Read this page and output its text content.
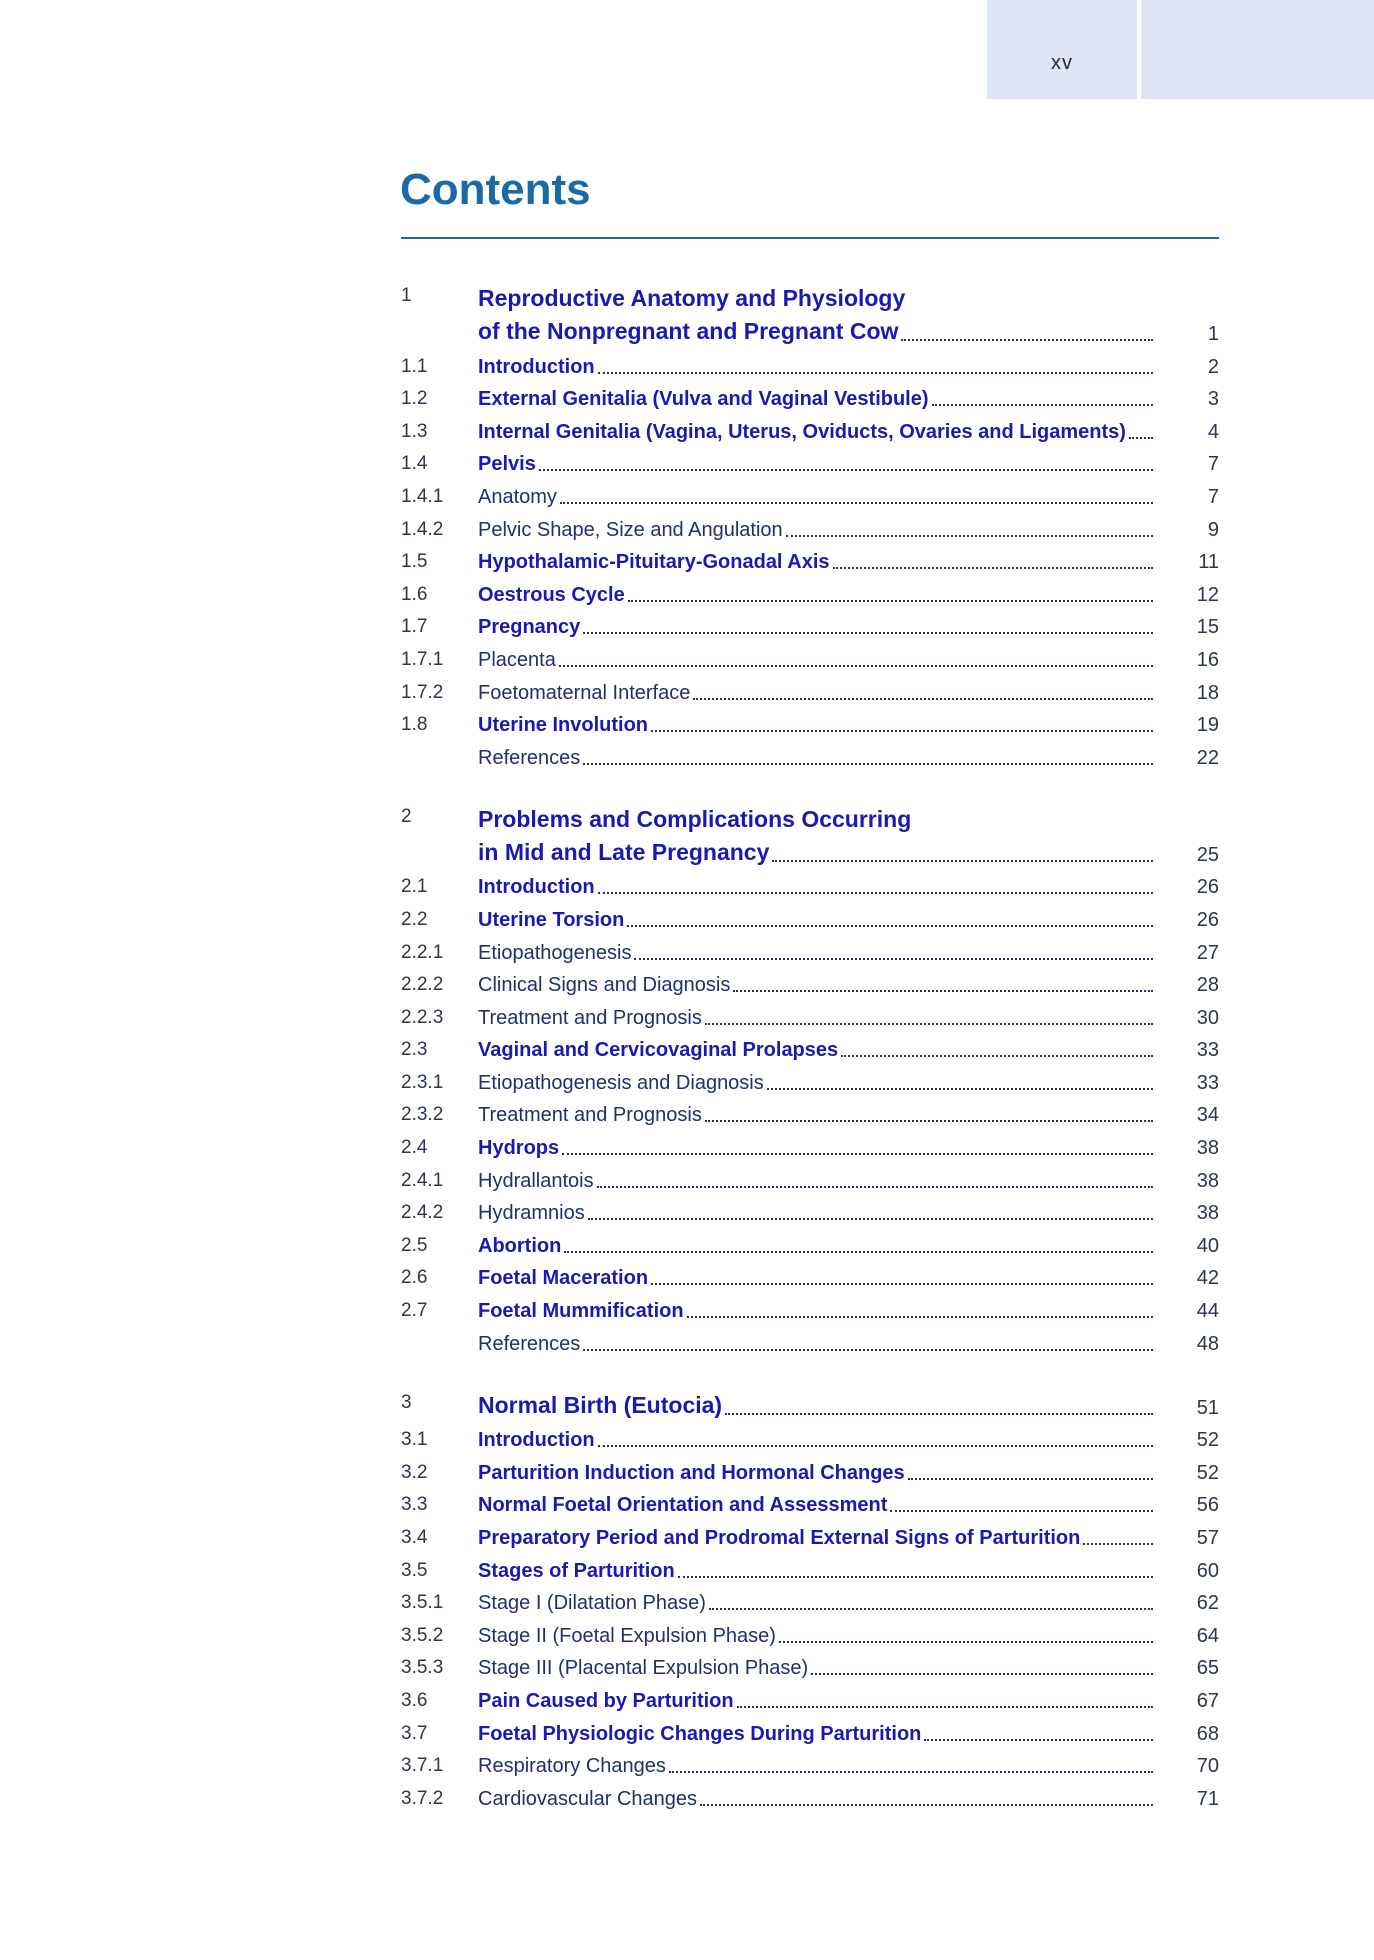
xv
Contents
1	Reproductive Anatomy and Physiology
of the Nonpregnant and Pregnant Cow	1
1.1	Introduction	2
1.2	External Genitalia (Vulva and Vaginal Vestibule)	3
1.3	Internal Genitalia (Vagina, Uterus, Oviducts, Ovaries and Ligaments)	4
1.4	Pelvis	7
1.4.1	Anatomy	7
1.4.2	Pelvic Shape, Size and Angulation	9
1.5	Hypothalamic-Pituitary-Gonadal Axis	11
1.6	Oestrous Cycle	12
1.7	Pregnancy	15
1.7.1	Placenta	16
1.7.2	Foetomaternal Interface	18
1.8	Uterine Involution	19
References	22
2	Problems and Complications Occurring
in Mid and Late Pregnancy	25
2.1	Introduction	26
2.2	Uterine Torsion	26
2.2.1	Etiopathogenesis	27
2.2.2	Clinical Signs and Diagnosis	28
2.2.3	Treatment and Prognosis	30
2.3	Vaginal and Cervicovaginal Prolapses	33
2.3.1	Etiopathogenesis and Diagnosis	33
2.3.2	Treatment and Prognosis	34
2.4	Hydrops	38
2.4.1	Hydrallantois	38
2.4.2	Hydramnios	38
2.5	Abortion	40
2.6	Foetal Maceration	42
2.7	Foetal Mummification	44
References	48
3	Normal Birth (Eutocia)	51
3.1	Introduction	52
3.2	Parturition Induction and Hormonal Changes	52
3.3	Normal Foetal Orientation and Assessment	56
3.4	Preparatory Period and Prodromal External Signs of Parturition	57
3.5	Stages of Parturition	60
3.5.1	Stage I (Dilatation Phase)	62
3.5.2	Stage II (Foetal Expulsion Phase)	64
3.5.3	Stage III (Placental Expulsion Phase)	65
3.6	Pain Caused by Parturition	67
3.7	Foetal Physiologic Changes During Parturition	68
3.7.1	Respiratory Changes	70
3.7.2	Cardiovascular Changes	71
